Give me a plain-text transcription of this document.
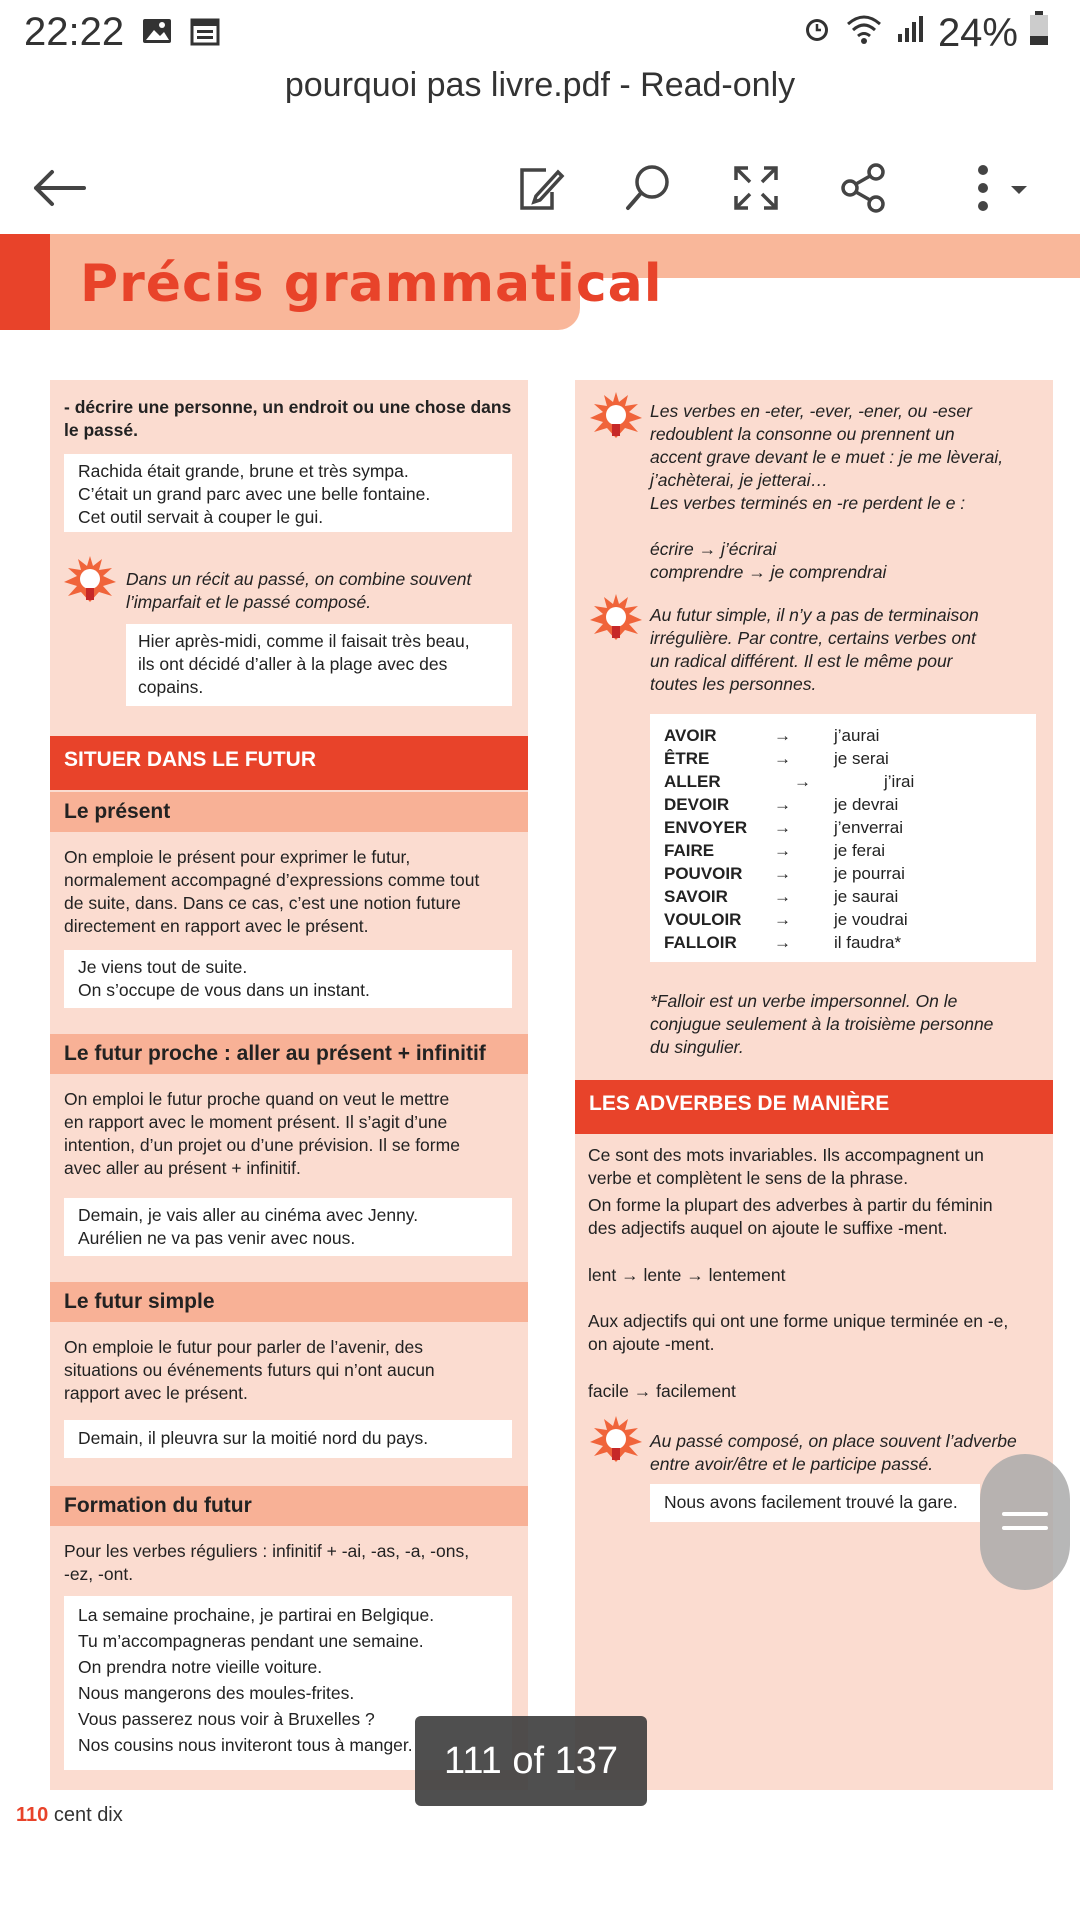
22:22	24%
pourquoi pas livre.pdf - Read-only
Précis grammatical
- décrire une personne, un endroit ou une chose dans le passé.
Rachida était grande, brune et très sympa.
C’était un grand parc avec une belle fontaine.
Cet outil servait à couper le gui.
Dans un récit au passé, on combine souvent l’imparfait et le passé composé.
Hier après-midi, comme il faisait très beau,
ils ont décidé d’aller à la plage avec des
copains.
SITUER DANS LE FUTUR
Le présent
On emploie le présent pour exprimer le futur,
normalement accompagné d’expressions comme tout
de suite, dans. Dans ce cas, c’est une notion future
directement en rapport avec le présent.
Je viens tout de suite.
On s’occupe de vous dans un instant.
Le futur proche : aller au présent + infinitif
On emploi le futur proche quand on veut le mettre
en rapport avec le moment présent. Il s’agit d’une
intention, d’un projet ou d’une prévision. Il se forme
avec aller au présent + infinitif.
Demain, je vais aller au cinéma avec Jenny.
Aurélien ne va pas venir avec nous.
Le futur simple
On emploie le futur pour parler de l’avenir, des
situations ou événements futurs qui n’ont aucun
rapport avec le présent.
Demain, il pleuvra sur la moitié nord du pays.
Formation du futur
Pour les verbes réguliers : infinitif + -ai, -as, -a, -ons,
-ez, -ont.
La semaine prochaine, je partirai en Belgique.
Tu m’accompagneras pendant une semaine.
On prendra notre vieille voiture.
Nous mangerons des moules-frites.
Vous passerez nous voir à Bruxelles ?
Nos cousins nous inviteront tous à manger.
Les verbes en -eter, -ever, -ener, ou -eser
redoublent la consonne ou prennent un
accent grave devant le e muet : je me lèverai,
j’achèterai, je jetterai…
Les verbes terminés en -re perdent le e :
écrire → j’écrirai
comprendre → je comprendrai
Au futur simple, il n’y a pas de terminaison
irrégulière. Par contre, certains verbes ont
un radical différent. Il est le même pour
toutes les personnes.
AVOIR	→	j’aurai
ÊTRE	→	je serai
ALLER	→	j’irai
DEVOIR	→	je devrai
ENVOYER	→	j’enverrai
FAIRE	→	je ferai
POUVOIR	→	je pourrai
SAVOIR	→	je saurai
VOULOIR	→	je voudrai
FALLOIR	→	il faudra*
*Falloir est un verbe impersonnel. On le
conjugue seulement à la troisième personne
du singulier.
LES ADVERBES DE MANIÈRE
Ce sont des mots invariables. Ils accompagnent un
verbe et complètent le sens de la phrase.
On forme la plupart des adverbes à partir du féminin
des adjectifs auquel on ajoute le suffixe -ment.
lent → lente → lentement
Aux adjectifs qui ont une forme unique terminée en -e,
on ajoute -ment.
facile → facilement
Au passé composé, on place souvent l’adverbe
entre avoir/être et le participe passé.
Nous avons facilement trouvé la gare.
110 cent dix
111 of 137
